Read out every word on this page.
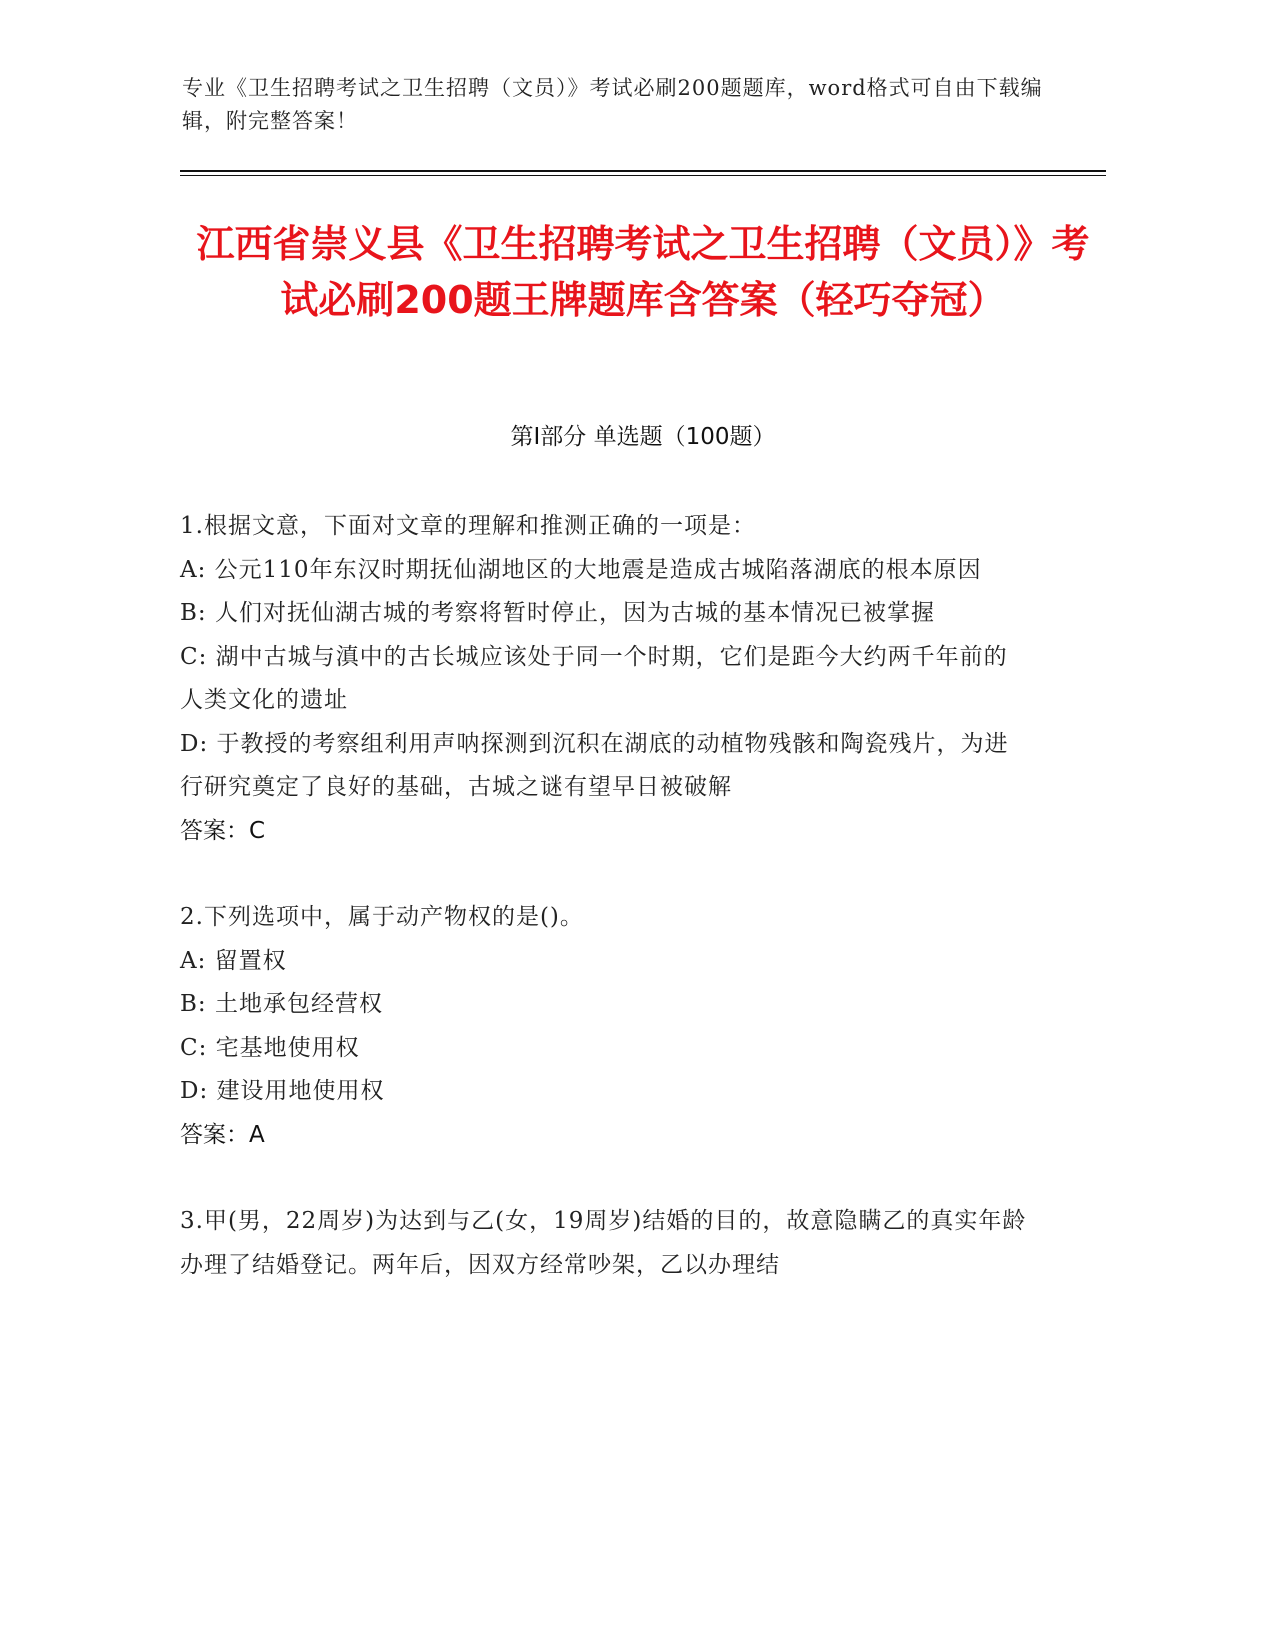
专业《卫生招聘考试之卫生招聘（文员）》考试必刷200题题库，word格式可自由下载编辑，附完整答案！
江西省崇义县《卫生招聘考试之卫生招聘（文员）》考试必刷200题王牌题库含答案（轻巧夺冠）
第I部分 单选题（100题）

1.根据文意，下面对文章的理解和推测正确的一项是：

A: 公元110年东汉时期抚仙湖地区的大地震是造成古城陷落湖底的根本原因

B: 人们对抚仙湖古城的考察将暂时停止，因为古城的基本情况已被掌握

C: 湖中古城与滇中的古长城应该处于同一个时期，它们是距今大约两千年前的人类文化的遗址

D: 于教授的考察组利用声呐探测到沉积在湖底的动植物残骸和陶瓷残片，为进行研究奠定了良好的基础，古城之谜有望早日被破解

答案：C

2.下列选项中，属于动产物权的是()。

A: 留置权

B: 土地承包经营权

C: 宅基地使用权

D: 建设用地使用权

答案：A

3.甲(男，22周岁)为达到与乙(女，19周岁)结婚的目的，故意隐瞒乙的真实年龄办理了结婚登记。两年后，因双方经常吵架，乙以办理结
